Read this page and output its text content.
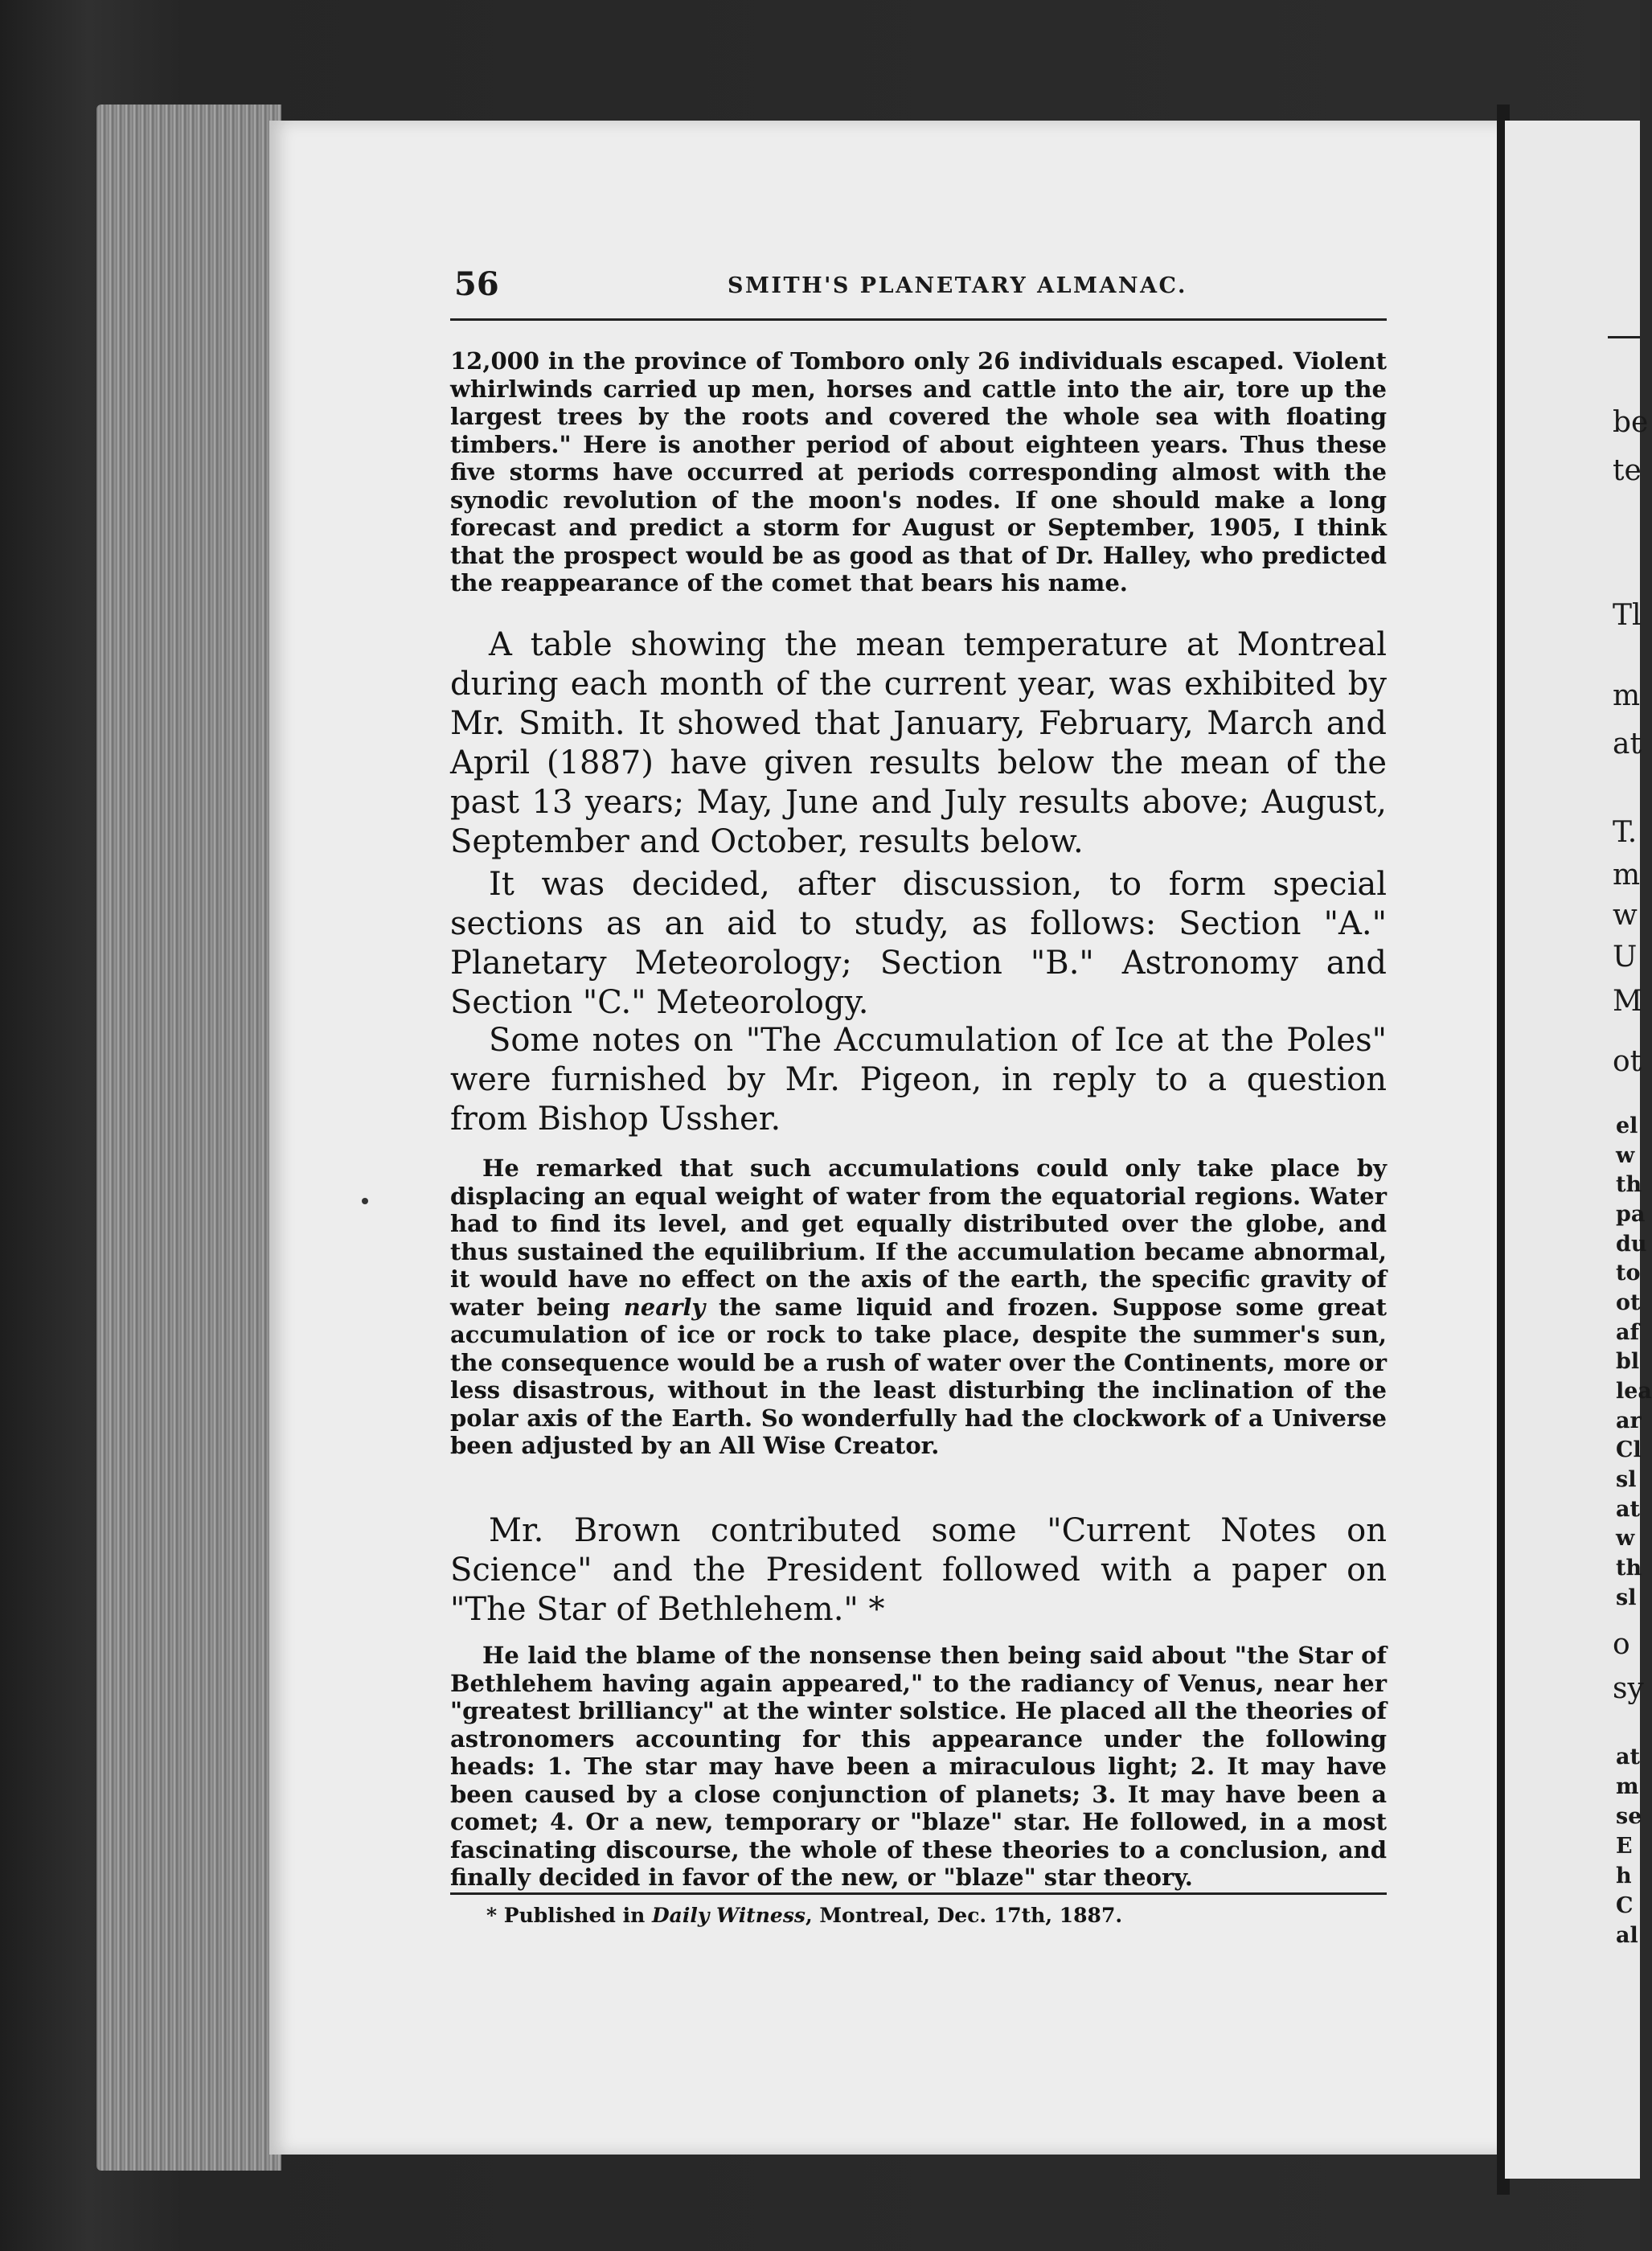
56	SMITH'S PLANETARY ALMANAC.

12,000 in the province of Tomboro only 26 individuals escaped. Violent whirlwinds carried up men, horses and cattle into the air, tore up the largest trees by the roots and covered the whole sea with floating timbers." Here is another period of about eighteen years. Thus these five storms have occurred at periods corresponding almost with the synodic revolution of the moon's nodes. If one should make a long forecast and predict a storm for August or September, 1905, I think that the prospect would be as good as that of Dr. Halley, who predicted the reappearance of the comet that bears his name.

A table showing the mean temperature at Montreal during each month of the current year, was exhibited by Mr. Smith. It showed that January, February, March and April (1887) have given results below the mean of the past 13 years; May, June and July results above; August, September and October, results below.

It was decided, after discussion, to form special sections as an aid to study, as follows: Section "A." Planetary Meteorology; Section "B." Astronomy and Section "C." Meteorology.

Some notes on "The Accumulation of Ice at the Poles" were furnished by Mr. Pigeon, in reply to a question from Bishop Ussher.

He remarked that such accumulations could only take place by displacing an equal weight of water from the equatorial regions. Water had to find its level, and get equally distributed over the globe, and thus sustained the equilibrium. If the accumulation became abnormal, it would have no effect on the axis of the earth, the specific gravity of water being nearly the same liquid and frozen. Suppose some great accumulation of ice or rock to take place, despite the summer's sun, the consequence would be a rush of water over the Continents, more or less disastrous, without in the least disturbing the inclination of the polar axis of the Earth. So wonderfully had the clockwork of a Universe been adjusted by an All Wise Creator.

Mr. Brown contributed some "Current Notes on Science" and the President followed with a paper on "The Star of Bethlehem." *

He laid the blame of the nonsense then being said about "the Star of Bethlehem having again appeared," to the radiancy of Venus, near her "greatest brilliancy" at the winter solstice. He placed all the theories of astronomers accounting for this appearance under the following heads: 1. The star may have been a miraculous light; 2. It may have been caused by a close conjunction of planets; 3. It may have been a comet; 4. Or a new, temporary or "blaze" star. He followed, in a most fascinating discourse, the whole of these theories to a conclusion, and finally decided in favor of the new, or "blaze" star theory.

* Published in Daily Witness, Montreal, Dec. 17th, 1887.
be
te
Tl
m
at
T.
m
w
U
M
ot
o
sy
el
w
th
pa
du
to
ot
af
bl
lea
ar
Cl
sl
at
w
th
sl
at
m
se
E
h
C
al
